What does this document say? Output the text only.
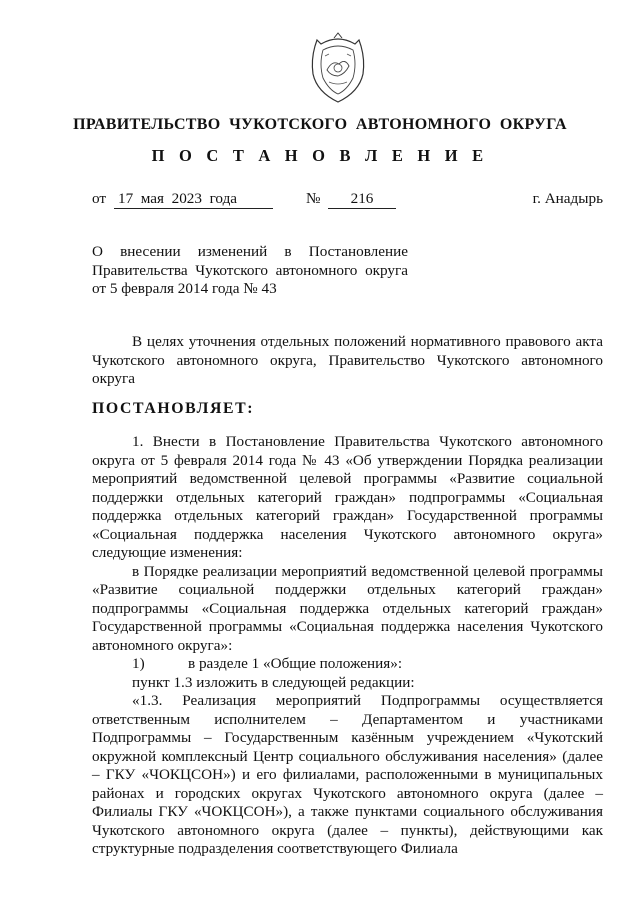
ПРАВИТЕЛЬСТВО  ЧУКОТСКОГО  АВТОНОМНОГО  ОКРУГА
П О С Т А Н О В Л Е Н И Е
от 17  мая  2023  года	№	216	г. Анадырь
О внесении изменений в Постановление
Правительства Чукотского автономного округа
от 5 февраля 2014 года № 43

В целях уточнения отдельных положений нормативного правового акта Чукотского автономного округа, Правительство Чукотского автономного округа

ПОСТАНОВЛЯЕТ:

1. Внести в Постановление Правительства Чукотского автономного округа от 5 февраля 2014 года № 43 «Об утверждении Порядка реализации мероприятий ведомственной целевой программы «Развитие социальной поддержки отдельных категорий граждан» подпрограммы «Социальная поддержка отдельных категорий граждан» Государственной программы «Социальная поддержка населения Чукотского автономного округа» следующие изменения:

в Порядке реализации мероприятий ведомственной целевой программы «Развитие социальной поддержки отдельных категорий граждан» подпрограммы «Социальная поддержка отдельных категорий граждан» Государственной программы «Социальная поддержка населения Чукотского автономного округа»:

1)	в разделе 1 «Общие положения»:

пункт 1.3 изложить в следующей редакции:

«1.3. Реализация мероприятий Подпрограммы осуществляется ответственным исполнителем – Департаментом и участниками Подпрограммы – Государственным казённым учреждением «Чукотский окружной комплексный Центр социального обслуживания населения» (далее – ГКУ «ЧОКЦСОН») и его филиалами, расположенными в муниципальных районах и городских округах Чукотского автономного округа (далее – Филиалы ГКУ «ЧОКЦСОН»), а также пунктами социального обслуживания Чукотского автономного округа (далее – пункты), действующими как структурные подразделения соответствующего Филиала
